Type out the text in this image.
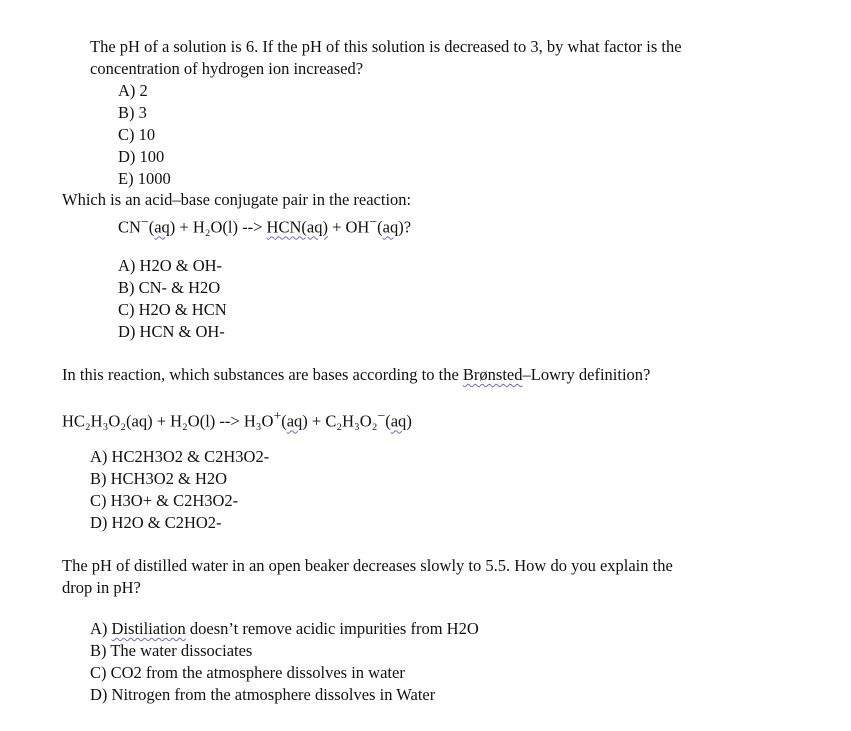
The pH of a solution is 6. If the pH of this solution is decreased to 3, by what factor is the
concentration of hydrogen ion increased?
A) 2
B) 3
C) 10
D) 100
E) 1000
Which is an acid–base conjugate pair in the reaction:
CN−(aq) + H₂O(l) --> HCN(aq) + OH−(aq)?
A) H2O & OH-
B) CN- & H2O
C) H2O & HCN
D) HCN & OH-
In this reaction, which substances are bases according to the Brønsted–Lowry definition?
HC₂H₃O₂(aq) + H₂O(l) --> H₃O+(aq) + C₂H₃O₂−(aq)
A) HC2H3O2 & C2H3O2-
B) HCH3O2 & H2O
C) H3O+ & C2H3O2-
D) H2O & C2HO2-
The pH of distilled water in an open beaker decreases slowly to 5.5. How do you explain the
drop in pH?
A) Distiliation doesn’t remove acidic impurities from H2O
B) The water dissociates
C) CO2 from the atmosphere dissolves in water
D) Nitrogen from the atmosphere dissolves in Water
